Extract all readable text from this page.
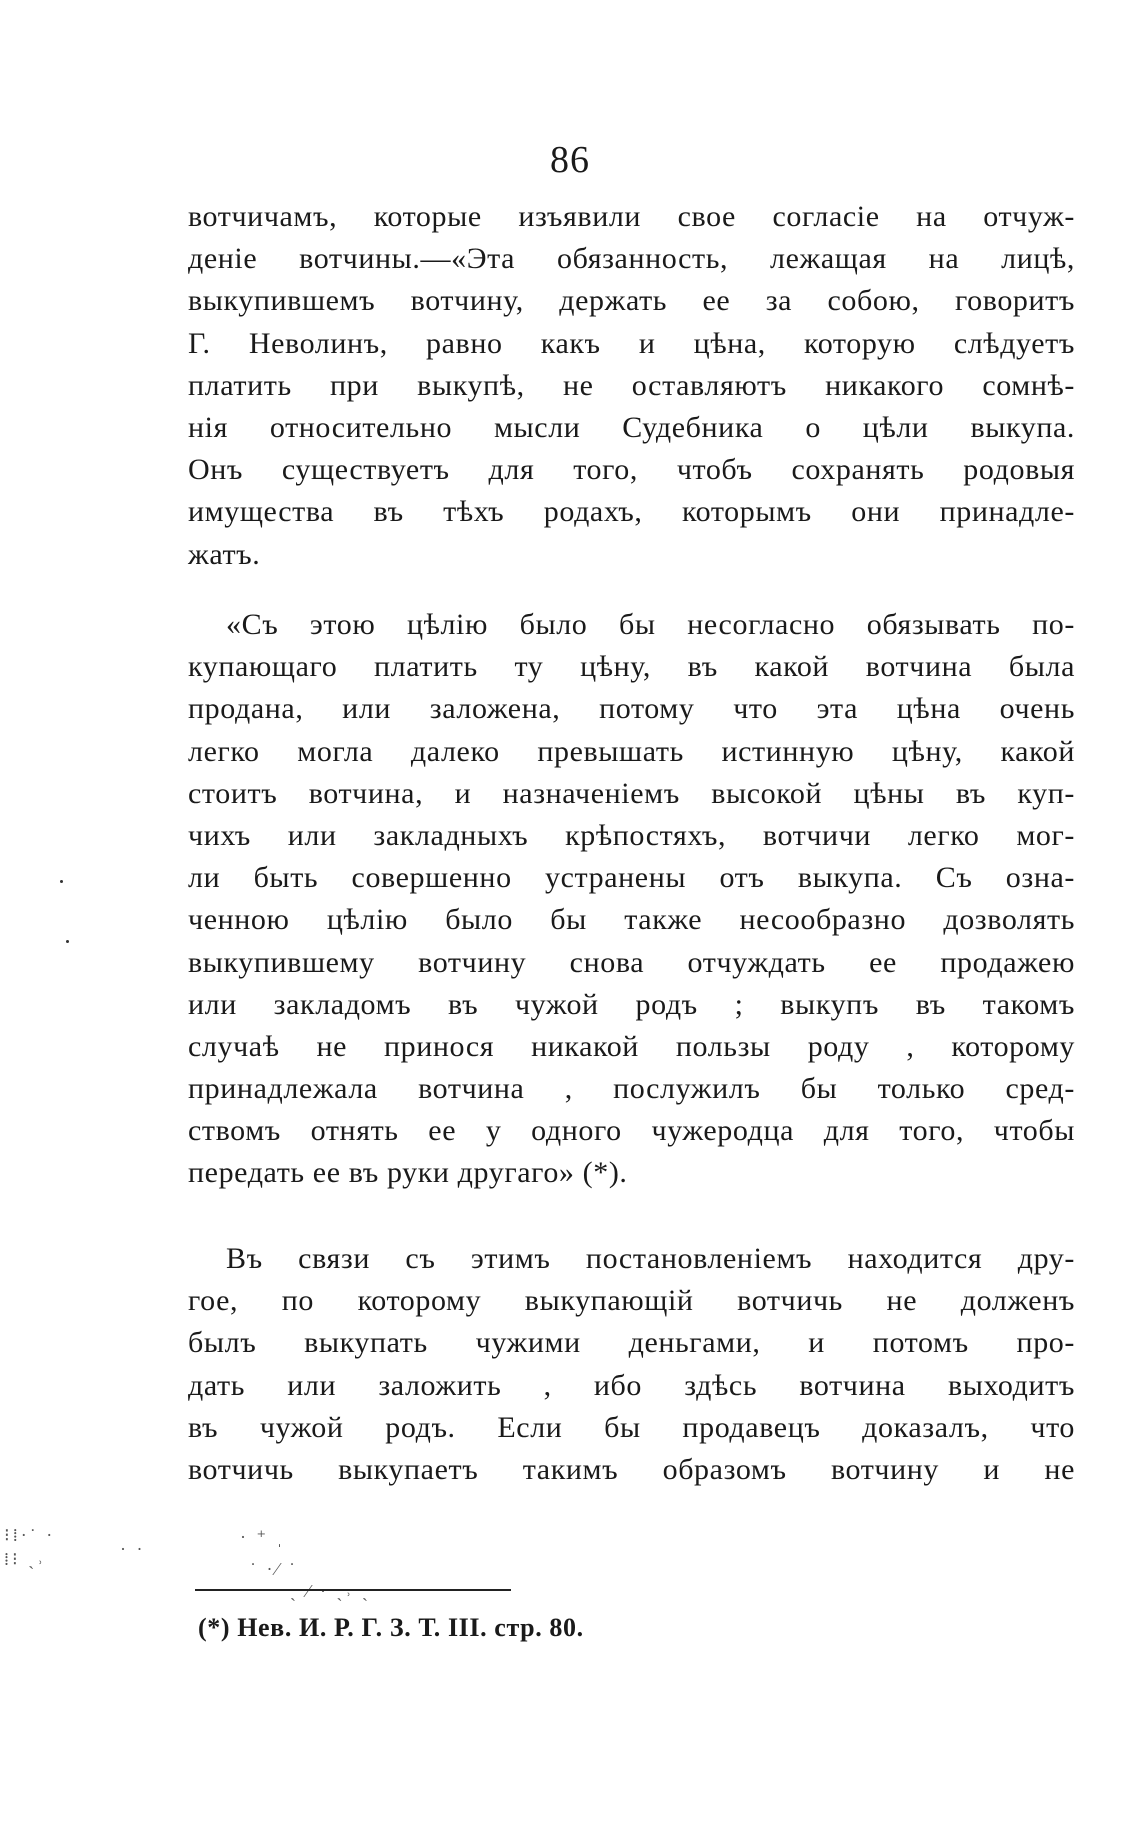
86
вотчичамъ, которые изъявили свое согласіе на отчуж-
деніе вотчины.—«Эта обязанность, лежащая на лицѣ,
выкупившемъ вотчину, держать ее за собою, говоритъ
Г. Неволинъ, равно какъ и цѣна, которую слѣдуетъ
платить при выкупѣ, не оставляютъ никакого сомнѣ-
нія относительно мысли Судебника о цѣли выкупа.
Онъ существуетъ для того, чтобъ сохранять родовыя
имущества въ тѣхъ родахъ, которымъ они принадле-
жатъ.
«Съ этою цѣлію было бы несогласно обязывать по-
купающаго платить ту цѣну, въ какой вотчина была
продана, или заложена, потому что эта цѣна очень
легко могла далеко превышать истинную цѣну, какой
стоитъ вотчина, и назначеніемъ высокой цѣны въ куп-
чихъ или закладныхъ крѣпостяхъ, вотчичи легко мог-
ли быть совершенно устранены отъ выкупа. Съ озна-
ченною цѣлію было бы также несообразно дозволять
выкупившему вотчину снова отчуждать ее продажею
или закладомъ въ чужой родъ ; выкупъ въ такомъ
случаѣ не принося никакой пользы роду , которому
принадлежала вотчина , послужилъ бы только сред-
ствомъ отнять ее у одного чужеродца для того, чтобы
передать ее въ руки другаго» (*).
Въ связи съ этимъ постановленіемъ находится дру-
гое, по которому выкупающій вотчичь не долженъ
былъ выкупать чужими деньгами, и потомъ про-
дать или заложить , ибо здѣсь вотчина выходитъ
въ чужой родъ. Если бы продавецъ доказалъ, что
вотчичь выкупаетъ такимъ образомъ вотчину и не
⁝⁞·˙ ·
⁞⁝ ˏ˒	· ·
· ⁺ ˌ
˙ ·⁄ ˙
ˏ ⁄ · ˏ˒ ˏ
(*) Нев. И. Р. Г. З. Т. III. стр. 80.
